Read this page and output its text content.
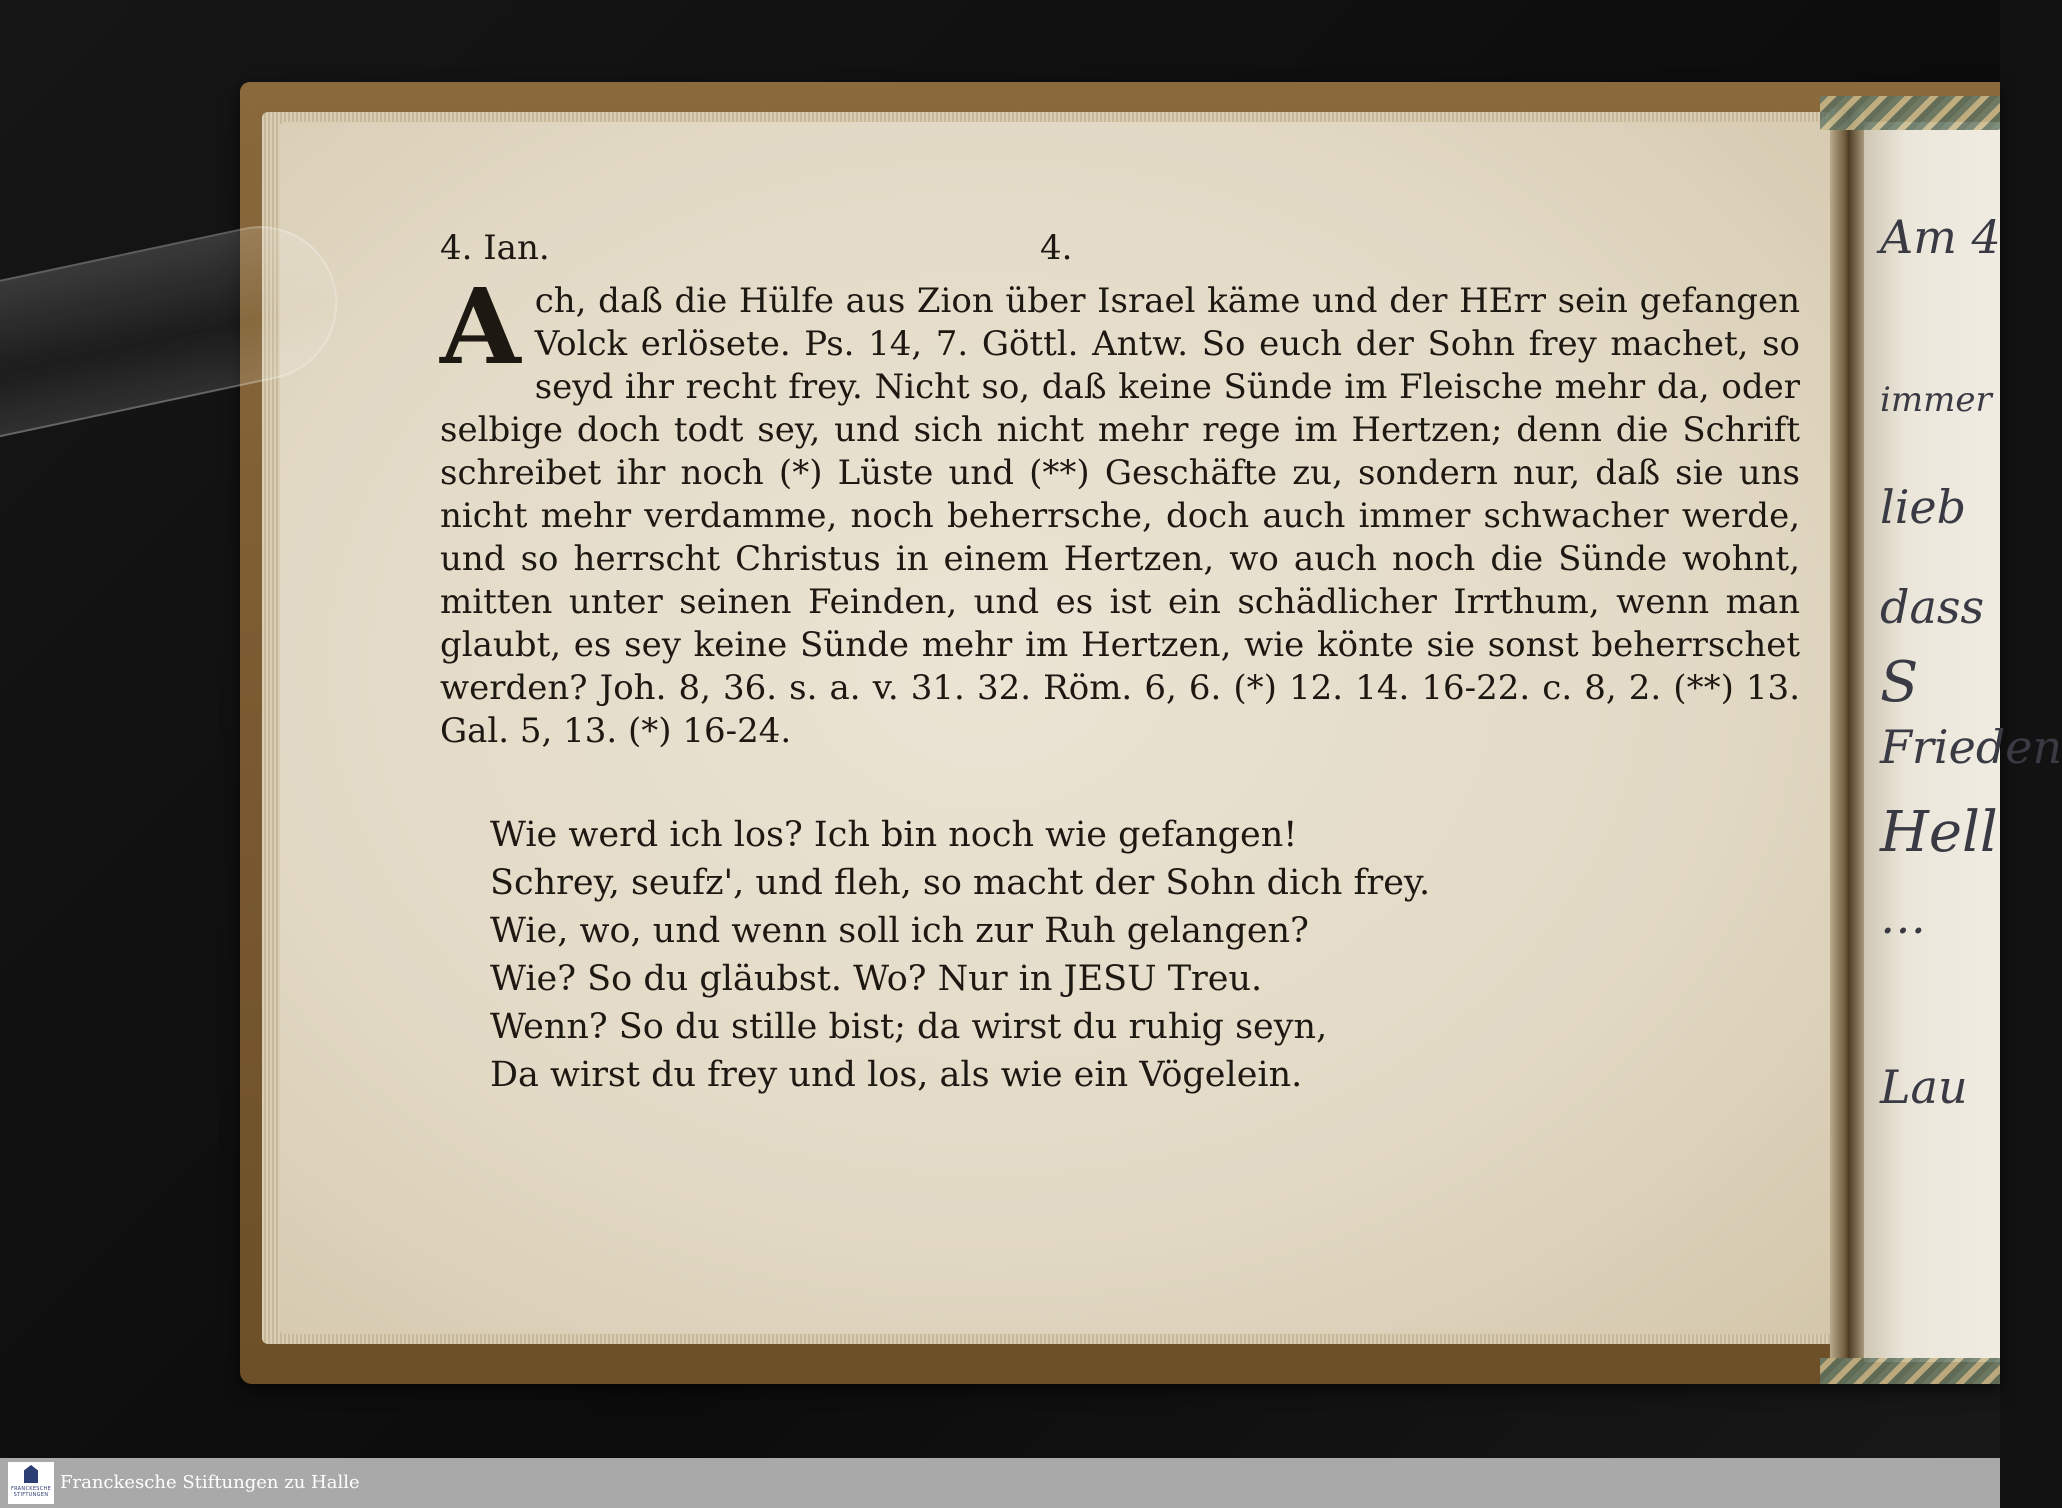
Am 4
immer
lieb
dass
S
Frieden
Hell
…
Lau
4. Ian.	4.

Ach, daß die Hülfe aus Zion über Israel käme und der HErr sein gefangen Volck erlösete. Ps. 14, 7. Göttl. Antw. So euch der Sohn frey machet, so seyd ihr recht frey. Nicht so, daß keine Sünde im Fleische mehr da, oder selbige doch todt sey, und sich nicht mehr rege im Hertzen; denn die Schrift schreibet ihr noch (*) Lüste und (**) Geschäfte zu, sondern nur, daß sie uns nicht mehr verdamme, noch beherrsche, doch auch immer schwacher werde, und so herrscht Christus in einem Hertzen, wo auch noch die Sünde wohnt, mitten unter seinen Feinden, und es ist ein schädlicher Irrthum, wenn man glaubt, es sey keine Sünde mehr im Hertzen, wie könte sie sonst beherrschet werden? Joh. 8, 36. s. a. v. 31. 32. Röm. 6, 6. (*) 12. 14. 16-22. c. 8, 2. (**) 13. Gal. 5, 13. (*) 16-24.

Wie werd ich los? Ich bin noch wie gefangen!
Schrey, seufz', und fleh, so macht der Sohn dich frey.
Wie, wo, und wenn soll ich zur Ruh gelangen?
Wie? So du gläubst. Wo? Nur in JESU Treu.
Wenn? So du stille bist; da wirst du ruhig seyn,
Da wirst du frey und los, als wie ein Vögelein.
FRANCKESCHE STIFTUNGEN
Franckesche Stiftungen zu Halle
